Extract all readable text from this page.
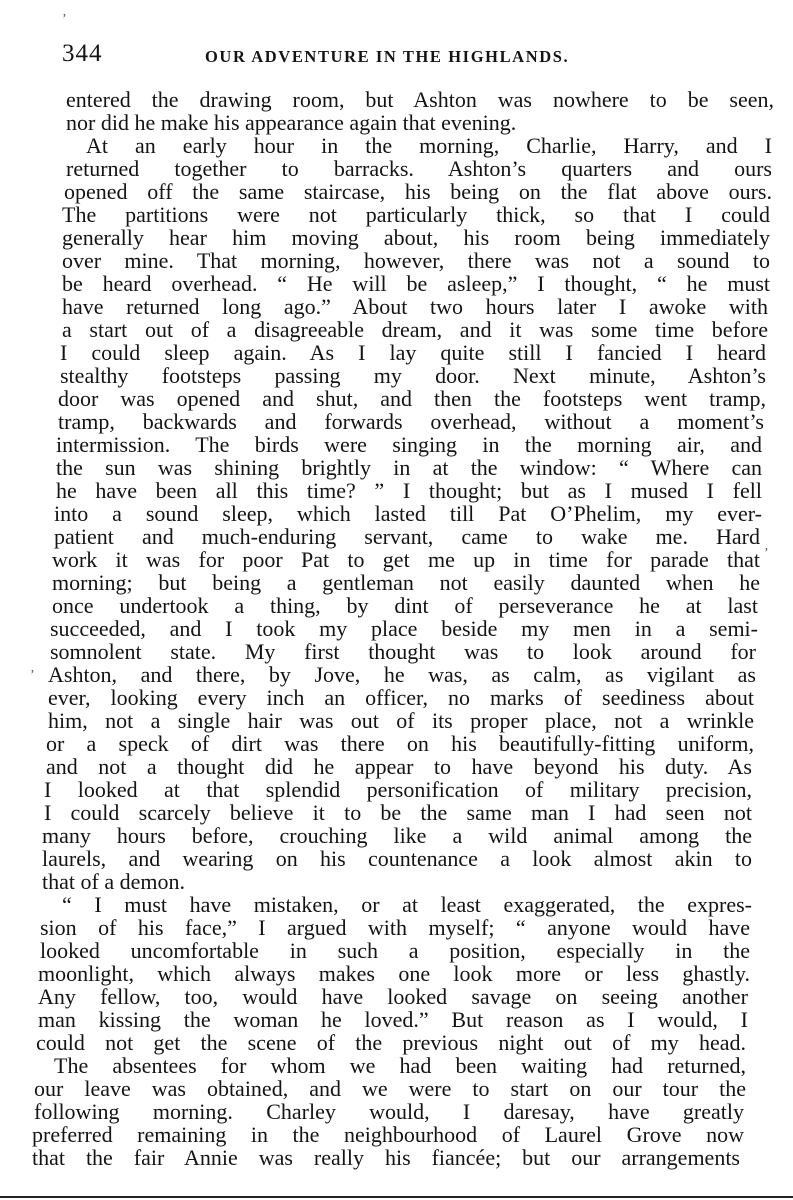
344	OUR ADVENTURE IN THE HIGHLANDS.
entered the drawing room, but Ashton was nowhere to be seen,
nor did he make his appearance again that evening.
At an early hour in the morning, Charlie, Harry, and I
returned together to barracks. Ashton’s quarters and ours
opened off the same staircase, his being on the flat above ours.
The partitions were not particularly thick, so that I could
generally hear him moving about, his room being immediately
over mine. That morning, however, there was not a sound to
be heard overhead. “ He will be asleep,” I thought, “ he must
have returned long ago.” About two hours later I awoke with
a start out of a disagreeable dream, and it was some time before
I could sleep again. As I lay quite still I fancied I heard
stealthy footsteps passing my door. Next minute, Ashton’s
door was opened and shut, and then the footsteps went tramp,
tramp, backwards and forwards overhead, without a moment’s
intermission. The birds were singing in the morning air, and
the sun was shining brightly in at the window: “ Where can
he have been all this time? ” I thought; but as I mused I fell
into a sound sleep, which lasted till Pat O’Phelim, my ever-
patient and much-enduring servant, came to wake me. Hard
work it was for poor Pat to get me up in time for parade that
morning; but being a gentleman not easily daunted when he
once undertook a thing, by dint of perseverance he at last
succeeded, and I took my place beside my men in a semi-
somnolent state. My first thought was to look around for
Ashton, and there, by Jove, he was, as calm, as vigilant as
ever, looking every inch an officer, no marks of seediness about
him, not a single hair was out of its proper place, not a wrinkle
or a speck of dirt was there on his beautifully-fitting uniform,
and not a thought did he appear to have beyond his duty. As
I looked at that splendid personification of military precision,
I could scarcely believe it to be the same man I had seen not
many hours before, crouching like a wild animal among the
laurels, and wearing on his countenance a look almost akin to
that of a demon.
“ I must have mistaken, or at least exaggerated, the expres-
sion of his face,” I argued with myself; “ anyone would have
looked uncomfortable in such a position, especially in the
moonlight, which always makes one look more or less ghastly.
Any fellow, too, would have looked savage on seeing another
man kissing the woman he loved.” But reason as I would, I
could not get the scene of the previous night out of my head.
The absentees for whom we had been waiting had returned,
our leave was obtained, and we were to start on our tour the
following morning. Charley would, I daresay, have greatly
preferred remaining in the neighbourhood of Laurel Grove now
that the fair Annie was really his fiancée; but our arrangements
ʼ
ʼ
ʼ
